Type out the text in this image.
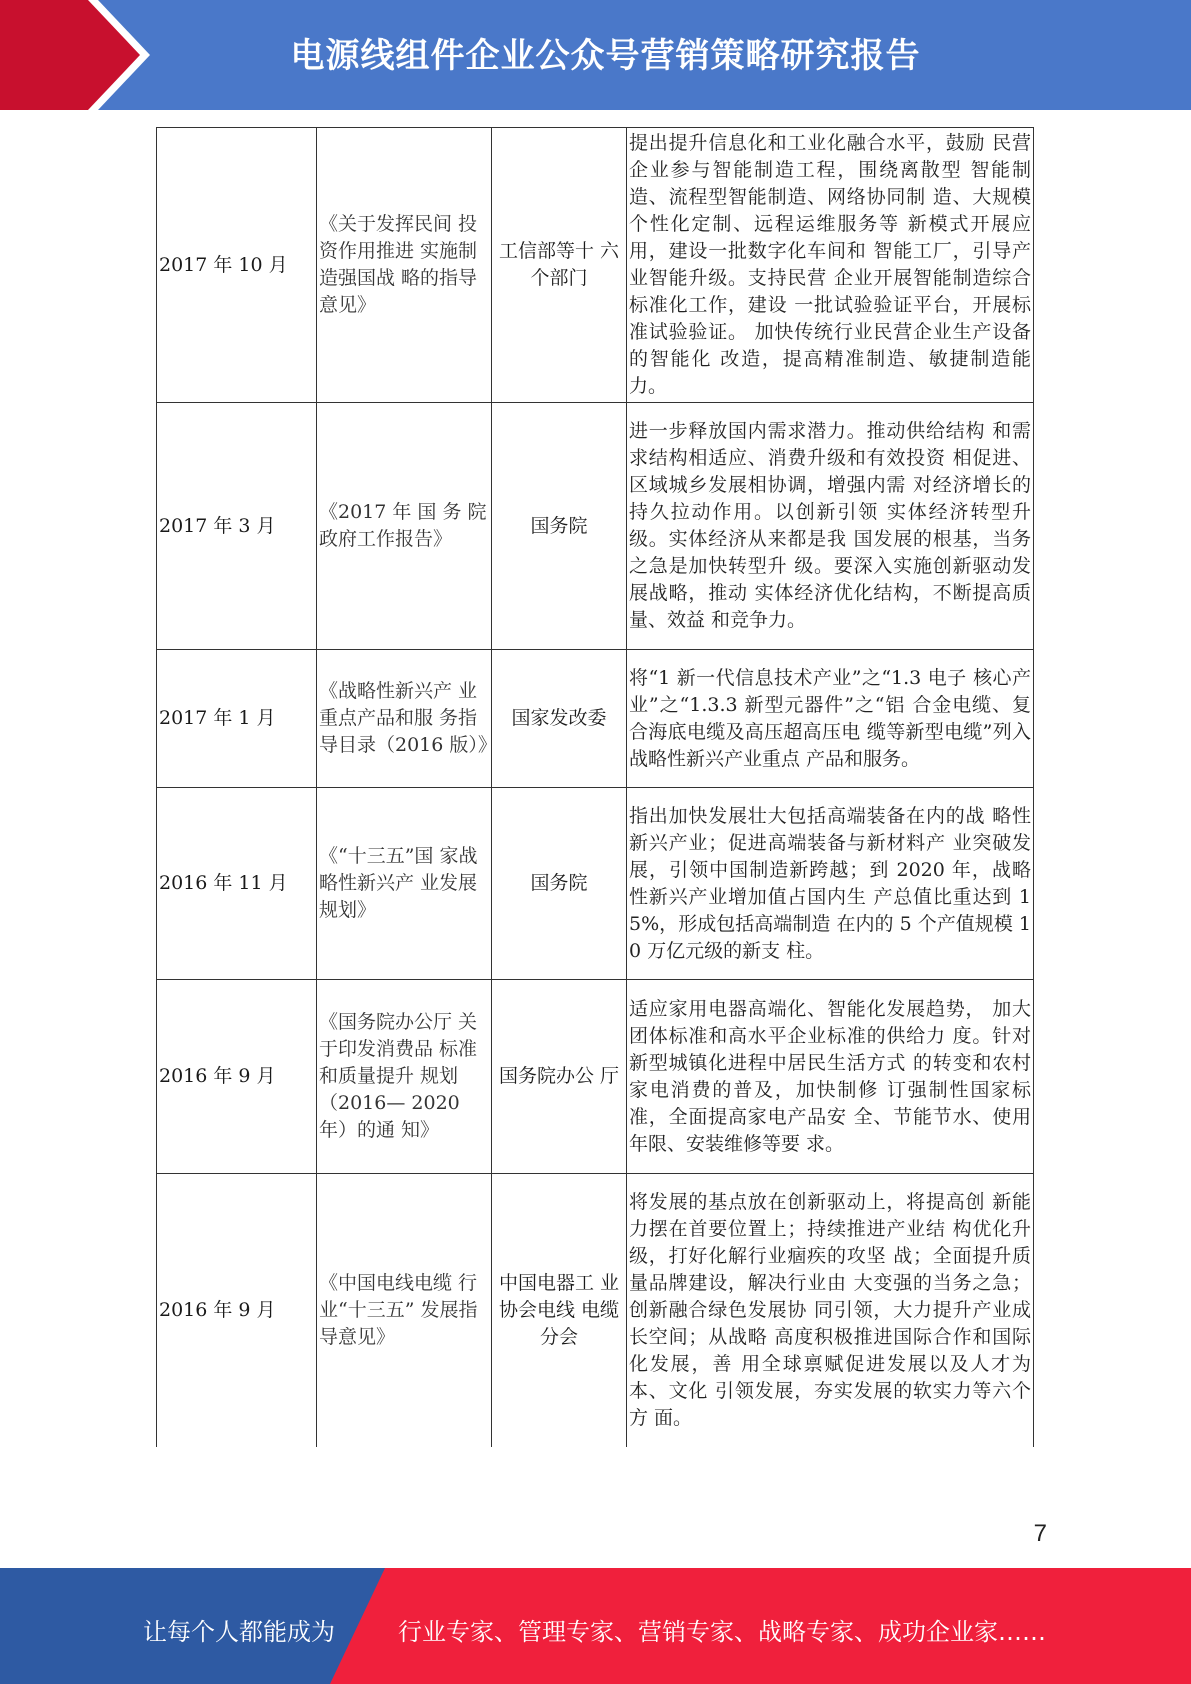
电源线组件企业公众号营销策略研究报告
2017 年 10 月	《关于发挥民间 投资作用推进 实施制造强国战 略的指导意见》	工信部等十 六个部门	提出提升信息化和工业化融合水平，鼓励 民营企业参与智能制造工程，围绕离散型 智能制造、流程型智能制造、网络协同制 造、大规模个性化定制、远程运维服务等 新模式开展应用，建设一批数字化车间和 智能工厂，引导产业智能升级。支持民营 企业开展智能制造综合标准化工作，建设 一批试验验证平台，开展标准试验验证。 加快传统行业民营企业生产设备的智能化 改造，提高精准制造、敏捷制造能力。
2017 年 3 月	《2017 年 国 务 院政府工作报告》	国务院	进一步释放国内需求潜力。推动供给结构 和需求结构相适应、消费升级和有效投资 相促进、区域城乡发展相协调，增强内需 对经济增长的持久拉动作用。以创新引领 实体经济转型升级。实体经济从来都是我 国发展的根基，当务之急是加快转型升 级。要深入实施创新驱动发展战略，推动 实体经济优化结构，不断提高质量、效益 和竞争力。
2017 年 1 月	《战略性新兴产 业重点产品和服 务指导目录（2016 版）》	国家发改委	将“1 新一代信息技术产业”之“1.3 电子 核心产业”之“1.3.3 新型元器件”之“铝 合金电缆、复合海底电缆及高压超高压电 缆等新型电缆”列入战略性新兴产业重点 产品和服务。
2016 年 11 月	《“十三五”国 家战略性新兴产 业发展规划》	国务院	指出加快发展壮大包括高端装备在内的战 略性新兴产业；促进高端装备与新材料产 业突破发展，引领中国制造新跨越；到 2020 年，战略性新兴产业增加值占国内生 产总值比重达到 15%，形成包括高端制造 在内的 5 个产值规模 10 万亿元级的新支 柱。
2016 年 9 月	《国务院办公厅 关于印发消费品 标准和质量提升 规划（2016— 2020 年）的通 知》	国务院办公 厅	适应家用电器高端化、智能化发展趋势， 加大团体标准和高水平企业标准的供给力 度。针对新型城镇化进程中居民生活方式 的转变和农村家电消费的普及，加快制修 订强制性国家标准，全面提高家电产品安 全、节能节水、使用年限、安装维修等要 求。
2016 年 9 月	《中国电线电缆 行业“十三五” 发展指导意见》	中国电器工 业协会电线 电缆分会	将发展的基点放在创新驱动上，将提高创 新能力摆在首要位置上；持续推进产业结 构优化升级，打好化解行业痼疾的攻坚 战；全面提升质量品牌建设，解决行业由 大变强的当务之急；创新融合绿色发展协 同引领，大力提升产业成长空间；从战略 高度积极推进国际合作和国际化发展，善 用全球禀赋促进发展以及人才为本、文化 引领发展，夯实发展的软实力等六个方 面。
7
让每个人都能成为	行业专家、管理专家、营销专家、战略专家、成功企业家……
